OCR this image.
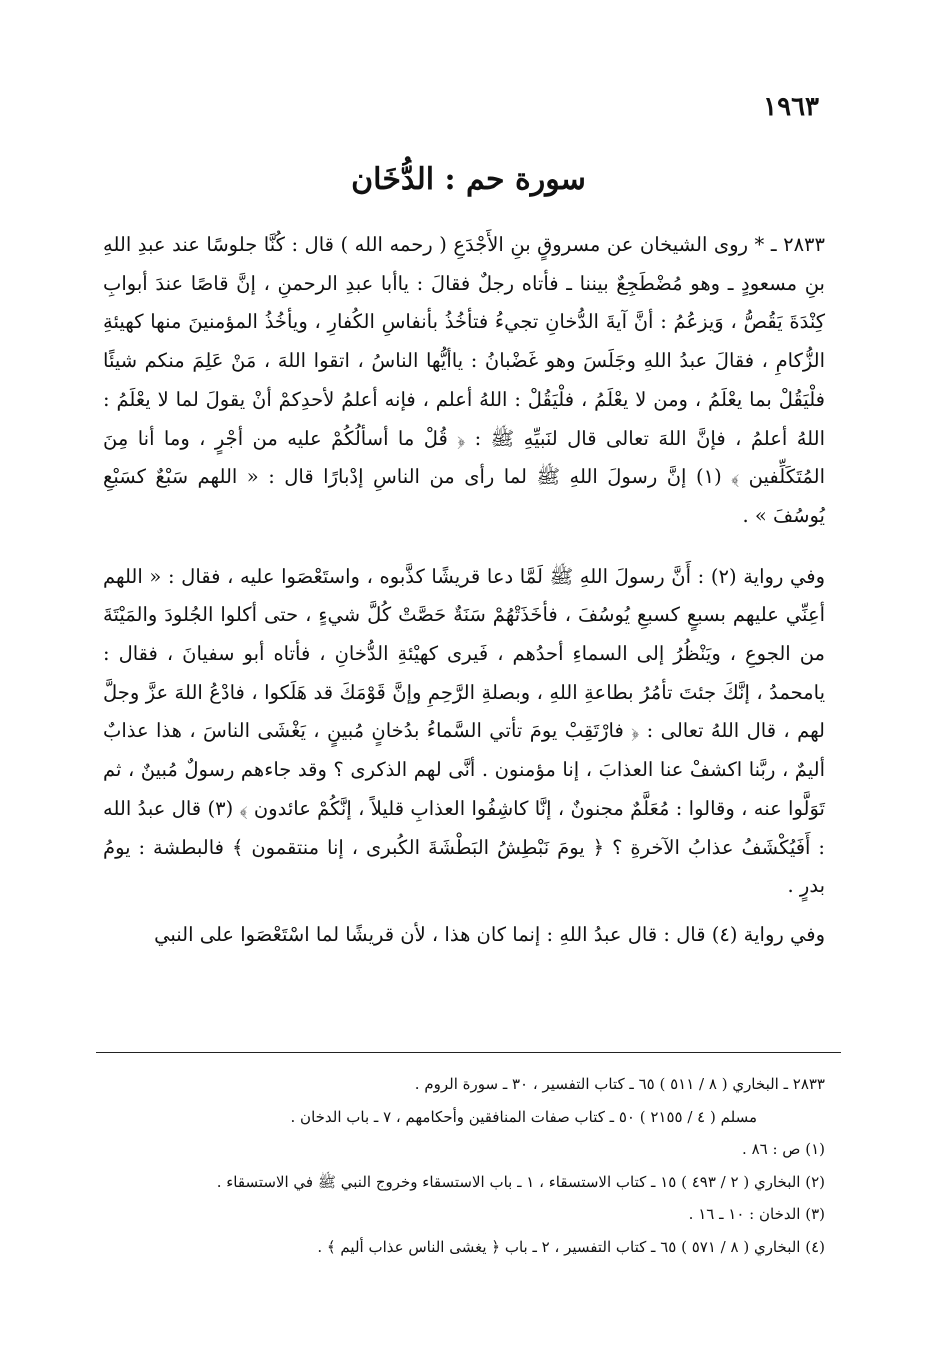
١٩٦٣
سورة حم : الدُّخَان

٢٨٣٣ ـ * روى الشيخان عن مسروقٍ بنِ الأَجْدَعِ ( رحمه الله ) قال : كُنَّا جلوسًا عند عبدِ اللهِ بنِ مسعودٍ ـ وهو مُضْطَجِعٌ بيننا ـ فأتاه رجلٌ فقالَ : ياأبا عبدِ الرحمنِ ، إنَّ قاصًا عندَ أبوابِ كِنْدَةَ يَقُصُّ ، وَيزعُمُ : أنَّ آيةَ الدُّخانِ تجيءُ فتأخُذُ بأنفاسِ الكُفارِ ، ويأخُذُ المؤمنينَ منها كهيئةِ الزُّكامِ ، فقالَ عبدُ اللهِ وجَلَسَ وهو غَضْبانُ : ياأيُّها الناسُ ، اتقوا اللهَ ، مَنْ عَلِمَ منكم شيئًا فلْيَقُلْ بما يعْلَمُ ، ومن لا يعْلَمُ ، فلْيَقُلْ : اللهُ أعلم ، فإنه أعلمُ لأحدِكمْ أنْ يقولَ لما لا يعْلَمُ : اللهُ أعلمُ ، فإنَّ اللهَ تعالى قال لنَبيِّهِ ﷺ : ﴿ قُلْ ما أسألُكُمْ عليه من أجْرٍ ، وما أنا مِنَ المُتَكَلِّفين ﴾ (١) إنَّ رسولَ اللهِ ﷺ لما رأى من الناسِ إدْبارًا قال : « اللهم سَبْعٌ كسَبْعِ يُوسُفَ » .

وفي رواية (٢) : أَنَّ رسولَ اللهِ ﷺ لَمَّا دعا قريشًا كذَّبوه ، واستَعْصَوا عليه ، فقال : « اللهم أعِنِّي عليهم بسبعٍ كسبعِ يُوسُفَ ، فأخَذَتْهُمْ سَنَةٌ حَصَّتْ كُلَّ شيءٍ ، حتى أكلوا الجُلودَ والمَيْتَةَ من الجوعِ ، ويَنْظُرُ إلى السماءِ أحدُهم ، فَيرى كهيْئةِ الدُّخانِ ، فأتاه أبو سفيانَ ، فقال : يامحمدُ ، إنَّكَ جئتَ تأمُرُ بطاعةِ اللهِ ، وبصلةِ الرَّحِمِ وإنَّ قَوْمَكَ قد هَلَكوا ، فادْعُ اللهَ عزَّ وجلَّ لهم ، قال اللهُ تعالى : ﴿ فارْتَقِبْ يومَ تأتي السَّماءُ بدُخانٍ مُبينٍ ، يَغْشَى الناسَ ، هذا عذابٌ أليمٌ ، ربَّنا اكشفْ عنا العذابَ ، إنا مؤمنون . أنَّى لهم الذكرى ؟ وقد جاءهم رسولٌ مُبينٌ ، ثم تَوَلَّوا عنه ، وقالوا : مُعَلَّمٌ مجنونٌ ، إنَّا كاشِفُوا العذابِ قليلاً ، إنَّكُمْ عائدون ﴾ (٣) قال عبدُ الله : أَفَيُكْشَفُ عذابُ الآخرةِ ؟ ﴿ يومَ نَبْطِشُ البَطْشَةَ الكُبرى ، إنا منتقمون ﴾ فالبطشة : يومُ بدرٍ .

وفي رواية (٤) قال : قال عبدُ اللهِ : إنما كان هذا ، لأن قريشًا لما اسْتَعْصَوا على النبي

٢٨٣٣ ـ البخاري ( ٨ / ٥١١ ) ٦٥ ـ كتاب التفسير ، ٣٠ ـ سورة الروم .

مسلم ( ٤ / ٢١٥٥ ) ٥٠ ـ كتاب صفات المنافقين وأحكامهم ، ٧ ـ باب الدخان .

(١) ص : ٨٦ .

(٢) البخاري ( ٢ / ٤٩٣ ) ١٥ ـ كتاب الاستسقاء ، ١ ـ باب الاستسقاء وخروج النبي ﷺ في الاستسقاء .

(٣) الدخان : ١٠ ـ ١٦ .

(٤) البخاري ( ٨ / ٥٧١ ) ٦٥ ـ كتاب التفسير ، ٢ ـ باب ﴿ يغشى الناس عذاب أليم ﴾ .
